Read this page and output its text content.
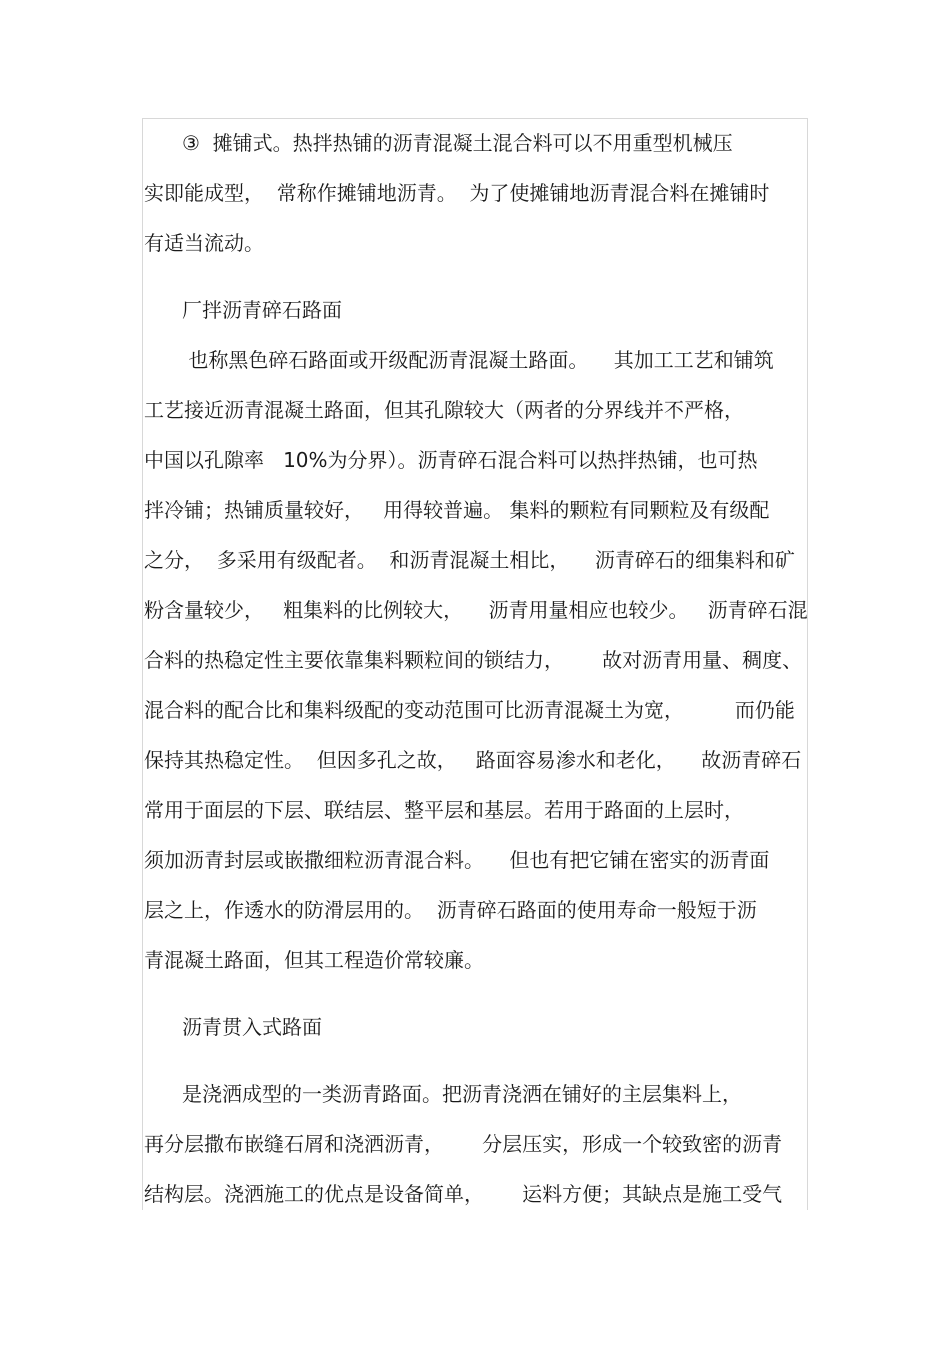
③  摊铺式。热拌热铺的沥青混凝土混合料可以不用重型机械压
实即能成型，  常称作摊铺地沥青。  为了使摊铺地沥青混合料在摊铺时
有适当流动。
厂拌沥青碎石路面
也称黑色碎石路面或开级配沥青混凝土路面。    其加工工艺和铺筑
工艺接近沥青混凝土路面，但其孔隙较大（两者的分界线并不严格，
中国以孔隙率   10%为分界）。沥青碎石混合料可以热拌热铺，也可热
拌冷铺；热铺质量较好，   用得较普遍。 集料的颗粒有同颗粒及有级配
之分，  多采用有级配者。  和沥青混凝土相比，    沥青碎石的细集料和矿
粉含量较少，   粗集料的比例较大，    沥青用量相应也较少。   沥青碎石混
合料的热稳定性主要依靠集料颗粒间的锁结力，      故对沥青用量、稠度、
混合料的配合比和集料级配的变动范围可比沥青混凝土为宽，        而仍能
保持其热稳定性。  但因多孔之故，   路面容易渗水和老化，    故沥青碎石
常用于面层的下层、联结层、整平层和基层。若用于路面的上层时，
须加沥青封层或嵌撒细粒沥青混合料。    但也有把它铺在密实的沥青面
层之上，作透水的防滑层用的。  沥青碎石路面的使用寿命一般短于沥
青混凝土路面，但其工程造价常较廉。
沥青贯入式路面
是浇洒成型的一类沥青路面。把沥青浇洒在铺好的主层集料上，
再分层撒布嵌缝石屑和浇洒沥青，      分层压实，形成一个较致密的沥青
结构层。浇洒施工的优点是设备简单，      运料方便；其缺点是施工受气
